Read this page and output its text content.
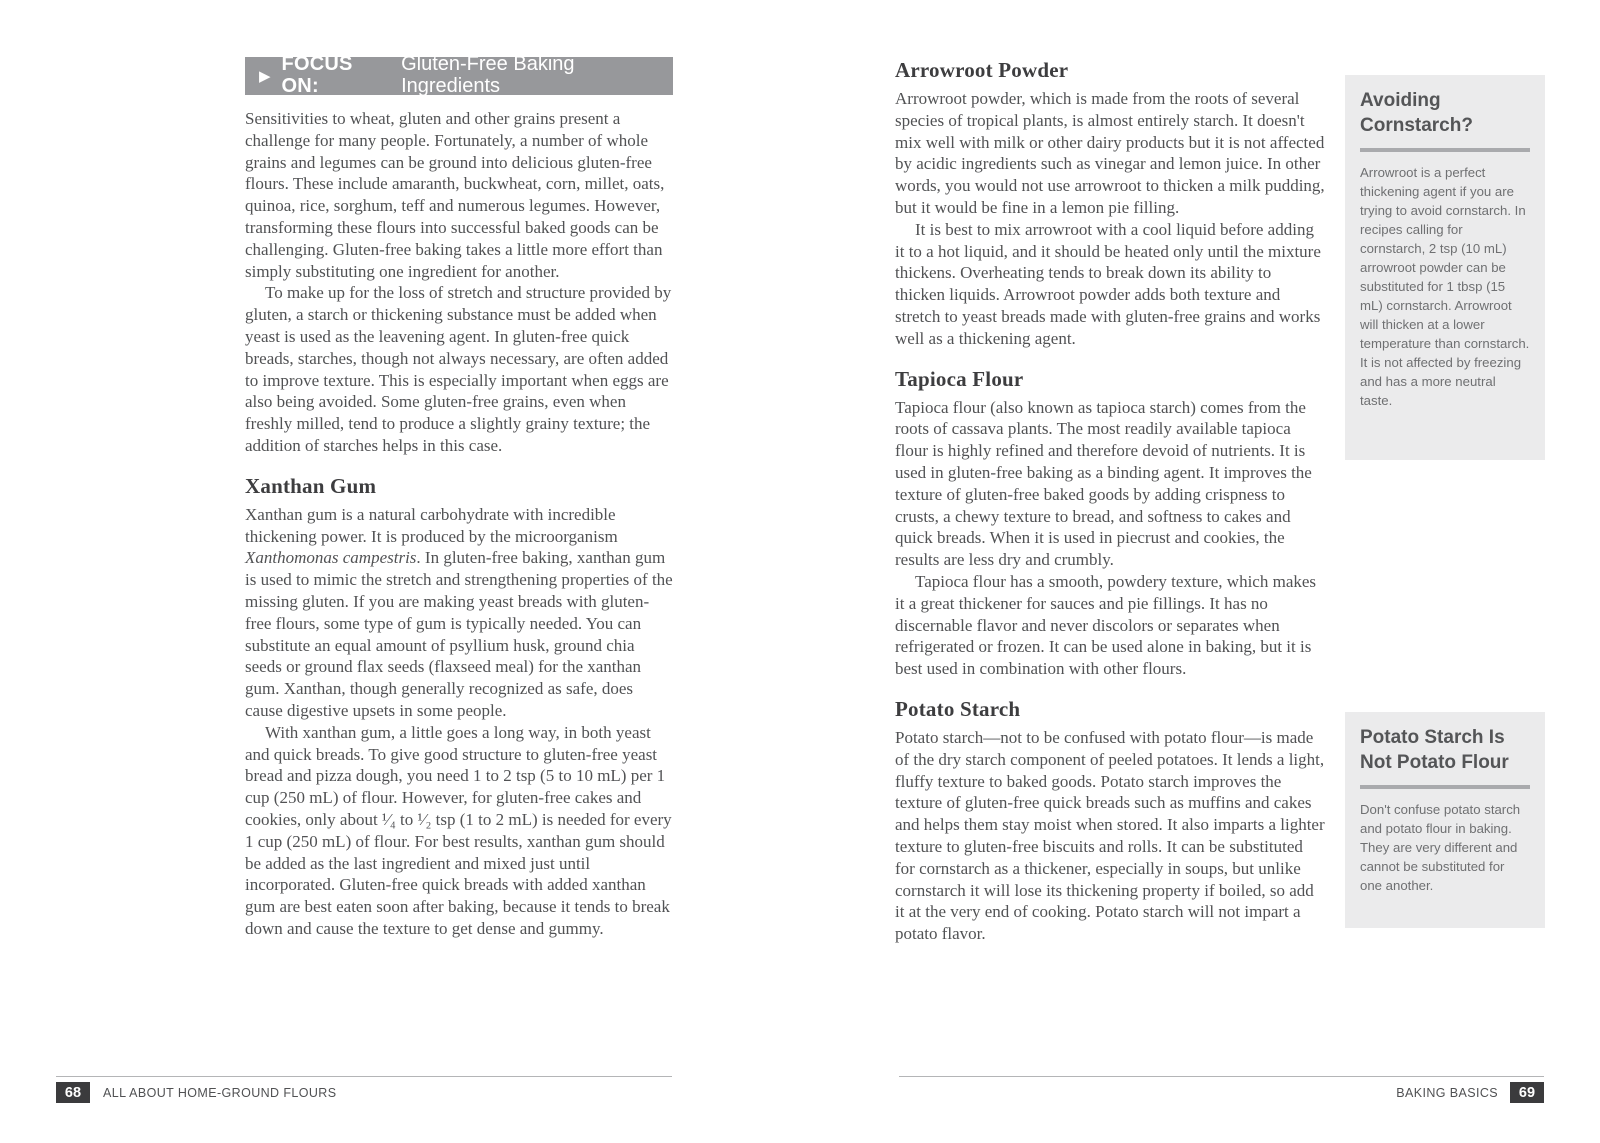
▶
FOCUS ON:
Gluten-Free Baking Ingredients

Sensitivities to wheat, gluten and other grains present a challenge for many people. Fortunately, a number of whole grains and legumes can be ground into delicious gluten-free flours. These include amaranth, buckwheat, corn, millet, oats, quinoa, rice, sorghum, teff and numerous legumes. However, transforming these flours into successful baked goods can be challenging. Gluten-free baking takes a little more effort than simply substituting one ingredient for another.

To make up for the loss of stretch and structure provided by gluten, a starch or thickening substance must be added when yeast is used as the leavening agent. In gluten-free quick breads, starches, though not always necessary, are often added to improve texture. This is especially important when eggs are also being avoided. Some gluten-free grains, even when freshly milled, tend to produce a slightly grainy texture; the addition of starches helps in this case.

Xanthan Gum

Xanthan gum is a natural carbohydrate with incredible thickening power. It is produced by the microorganism Xanthomonas campestris. In gluten-free baking, xanthan gum is used to mimic the stretch and strengthening properties of the missing gluten. If you are making yeast breads with gluten-free flours, some type of gum is typically needed. You can substitute an equal amount of psyllium husk, ground chia seeds or ground flax seeds (flaxseed meal) for the xanthan gum. Xanthan, though generally recognized as safe, does cause digestive upsets in some people.

With xanthan gum, a little goes a long way, in both yeast and quick breads. To give good structure to gluten-free yeast bread and pizza dough, you need 1 to 2 tsp (5 to 10 mL) per 1 cup (250 mL) of flour. However, for gluten-free cakes and cookies, only about ¹⁄₄ to ¹⁄₂ tsp (1 to 2 mL) is needed for every 1 cup (250 mL) of flour. For best results, xanthan gum should be added as the last ingredient and mixed just until incorporated. Gluten-free quick breads with added xanthan gum are best eaten soon after baking, because it tends to break down and cause the texture to get dense and gummy.

Arrowroot Powder

Arrowroot powder, which is made from the roots of several species of tropical plants, is almost entirely starch. It doesn't mix well with milk or other dairy products but it is not affected by acidic ingredients such as vinegar and lemon juice. In other words, you would not use arrowroot to thicken a milk pudding, but it would be fine in a lemon pie filling.

It is best to mix arrowroot with a cool liquid before adding it to a hot liquid, and it should be heated only until the mixture thickens. Overheating tends to break down its ability to thicken liquids. Arrowroot powder adds both texture and stretch to yeast breads made with gluten-free grains and works well as a thickening agent.

Tapioca Flour

Tapioca flour (also known as tapioca starch) comes from the roots of cassava plants. The most readily available tapioca flour is highly refined and therefore devoid of nutrients. It is used in gluten-free baking as a binding agent. It improves the texture of gluten-free baked goods by adding crispness to crusts, a chewy texture to bread, and softness to cakes and quick breads. When it is used in piecrust and cookies, the results are less dry and crumbly.

Tapioca flour has a smooth, powdery texture, which makes it a great thickener for sauces and pie fillings. It has no discernable flavor and never discolors or separates when refrigerated or frozen. It can be used alone in baking, but it is best used in combination with other flours.

Potato Starch

Potato starch—not to be confused with potato flour—is made of the dry starch component of peeled potatoes. It lends a light, fluffy texture to baked goods. Potato starch improves the texture of gluten-free quick breads such as muffins and cakes and helps them stay moist when stored. It also imparts a lighter texture to gluten-free biscuits and rolls. It can be substituted for cornstarch as a thickener, especially in soups, but unlike cornstarch it will lose its thickening property if boiled, so add it at the very end of cooking. Potato starch will not impart a potato flavor.

Avoiding Cornstarch?
Arrowroot is a perfect thickening agent if you are trying to avoid cornstarch. In recipes calling for cornstarch, 2 tsp (10 mL) arrowroot powder can be substituted for 1 tbsp (15 mL) cornstarch. Arrowroot will thicken at a lower temperature than cornstarch. It is not affected by freezing and has a more neutral taste.
Potato Starch Is Not Potato Flour
Don't confuse potato starch and potato flour in baking. They are very different and cannot be substituted for one another.
68	ALL ABOUT HOME-GROUND FLOURS	BAKING BASICS	69
